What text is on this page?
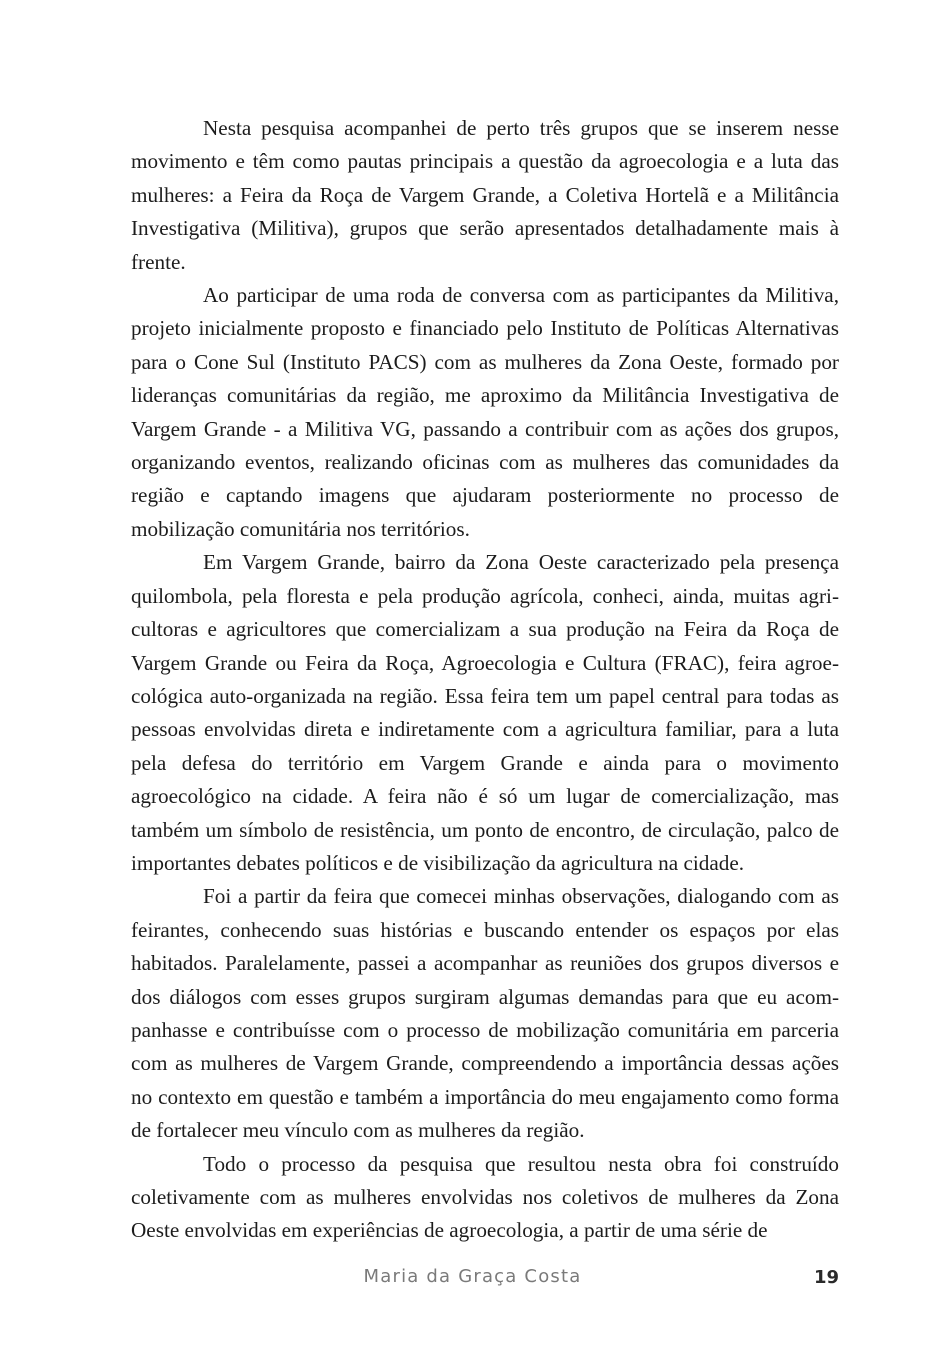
Nesta pesquisa acompanhei de perto três grupos que se inserem nesse movimento e têm como pautas principais a questão da agroecologia e a luta das mulheres: a Feira da Roça de Vargem Grande, a Coletiva Hortelã e a Militância Investigativa (Militiva), grupos que serão apresentados detalhadamente mais à frente.

Ao participar de uma roda de conversa com as participantes da Militiva, projeto inicialmente proposto e financiado pelo Instituto de Políticas Alternativas para o Cone Sul (Instituto PACS) com as mulheres da Zona Oeste, formado por lideranças comunitárias da região, me aproximo da Militância Investigativa de Vargem Grande - a Militiva VG, passando a contribuir com as ações dos grupos, organizando eventos, realizando oficinas com as mulheres das comunidades da região e captando imagens que ajudaram posteriormente no processo de mobilização comunitária nos territórios.

Em Vargem Grande, bairro da Zona Oeste caracterizado pela presença quilombola, pela floresta e pela produção agrícola, conheci, ainda, muitas agricultoras e agricultores que comercializam a sua produção na Feira da Roça de Vargem Grande ou Feira da Roça, Agroecologia e Cultura (FRAC), feira agroecológica auto-organizada na região. Essa feira tem um papel central para todas as pessoas envolvidas direta e indiretamente com a agricultura familiar, para a luta pela defesa do território em Vargem Grande e ainda para o movimento agroecológico na cidade. A feira não é só um lugar de comercialização, mas também um símbolo de resistência, um ponto de encontro, de circulação, palco de importantes debates políticos e de visibilização da agricultura na cidade.

Foi a partir da feira que comecei minhas observações, dialogando com as feirantes, conhecendo suas histórias e buscando entender os espaços por elas habitados. Paralelamente, passei a acompanhar as reuniões dos grupos diversos e dos diálogos com esses grupos surgiram algumas demandas para que eu acompanhasse e contribuísse com o processo de mobilização comunitária em parceria com as mulheres de Vargem Grande, compreendendo a importância dessas ações no contexto em questão e também a importância do meu engajamento como forma de fortalecer meu vínculo com as mulheres da região.

Todo o processo da pesquisa que resultou nesta obra foi construído coletivamente com as mulheres envolvidas nos coletivos de mulheres da Zona Oeste envolvidas em experiências de agroecologia, a partir de uma série de

Maria da Graça Costa	19
